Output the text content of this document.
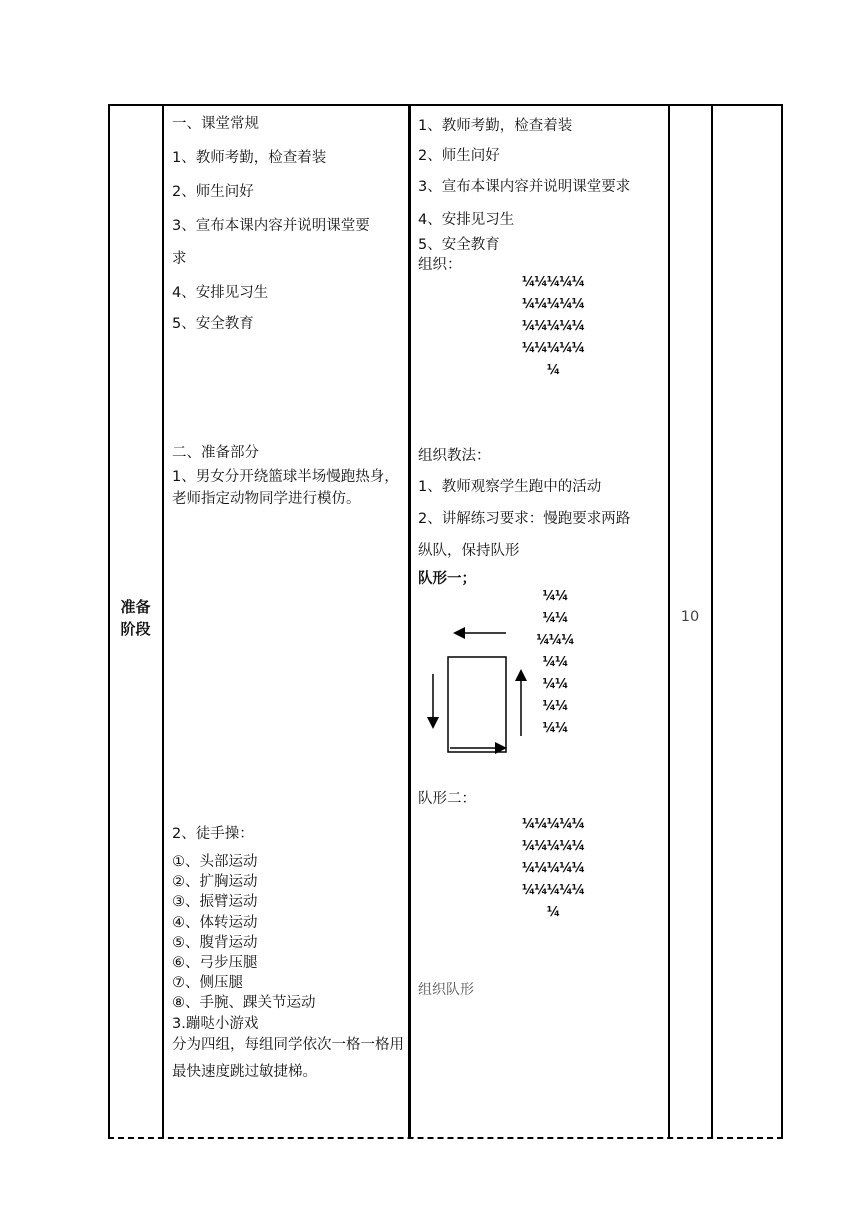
准备
阶段
一、课堂常规
1、教师考勤，检查着装
2、师生问好
3、宣布本课内容并说明课堂要
求
4、安排见习生
5、安全教育
二、准备部分
1、男女分开绕篮球半场慢跑热身，老师指定动物同学进行模仿。
2、徒手操：
①、头部运动
②、扩胸运动
③、振臂运动
④、体转运动
⑤、腹背运动
⑥、弓步压腿
⑦、侧压腿
⑧、手腕、踝关节运动
3.蹦哒小游戏
分为四组，每组同学依次一格一格用最快速度跳过敏捷梯。
1、教师考勤，检查着装
2、师生问好
3、宣布本课内容并说明课堂要求
4、安排见习生
5、安全教育
组织：
¼¼¼¼¼
¼¼¼¼¼
¼¼¼¼¼
¼¼¼¼¼
¼
组织教法：
1、教师观察学生跑中的活动
2、讲解练习要求：慢跑要求两路
纵队，保持队形
队形一；
¼¼
¼¼
¼¼¼
¼¼
¼¼
¼¼
¼¼
队形二：
¼¼¼¼¼
¼¼¼¼¼
¼¼¼¼¼
¼¼¼¼¼
¼
组织队形
10
